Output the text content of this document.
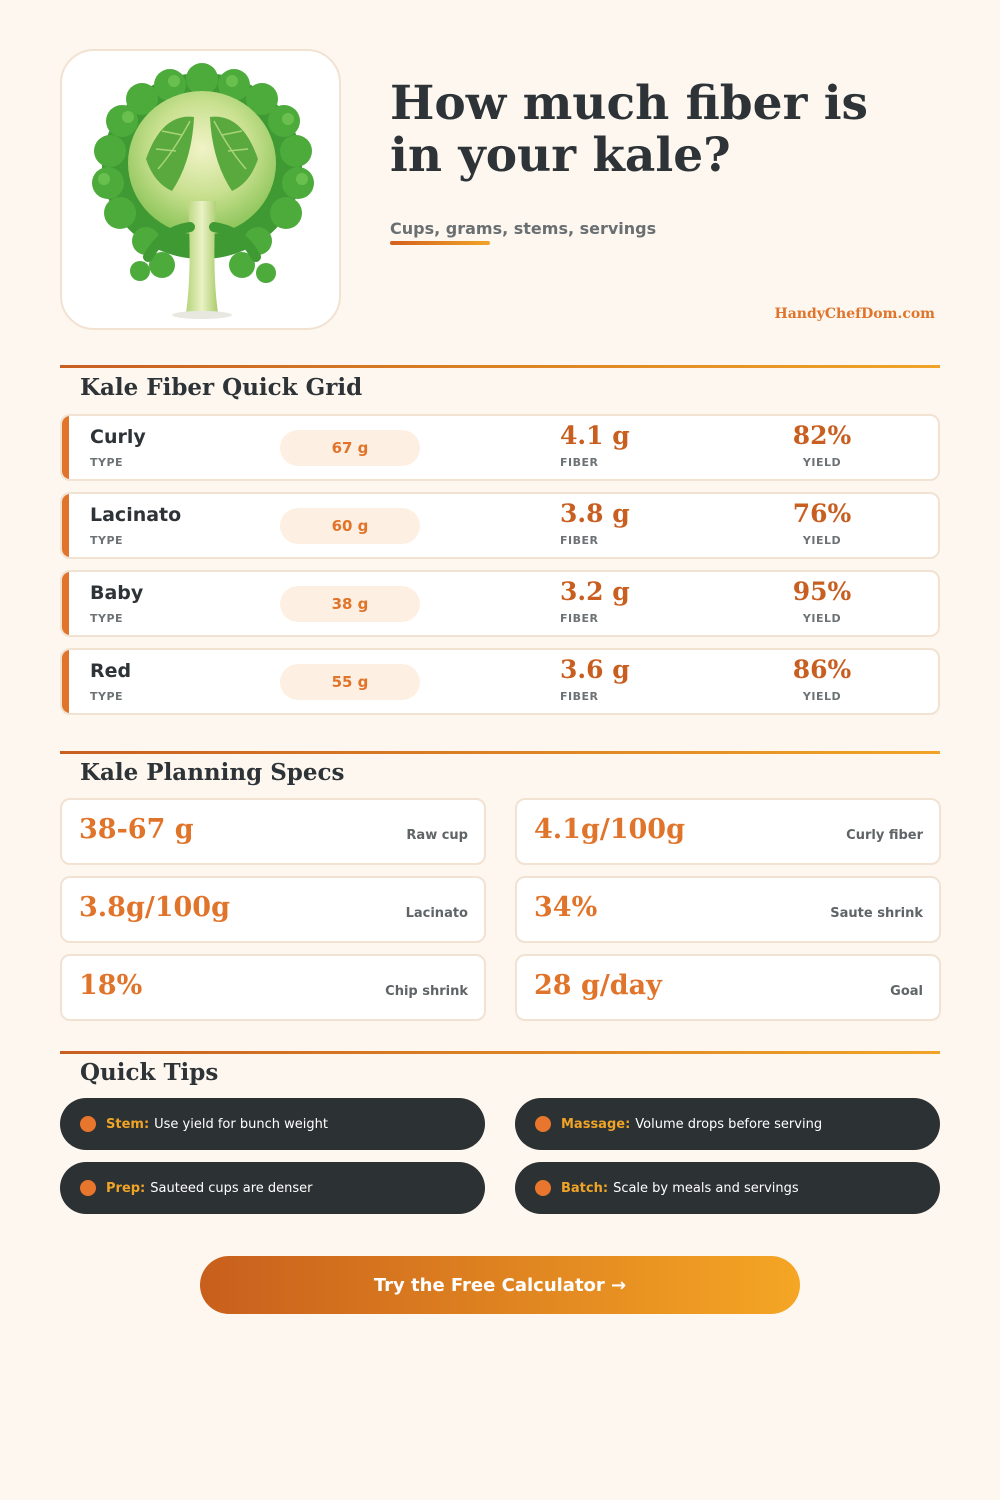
How much fiber is
in your kale?
Cups, grams, stems, servings
HandyChefDom.com
Kale Fiber Quick Grid
Curly
TYPE
67 g	4.1 g
FIBER
82%
YIELD
Lacinato
TYPE
60 g	3.8 g
FIBER
76%
YIELD
Baby
TYPE
38 g	3.2 g
FIBER
95%
YIELD
Red
TYPE
55 g	3.6 g
FIBER
86%
YIELD
Kale Planning Specs
38-67 g	Raw cup 4.1g/100g	Curly fiber
3.8g/100g	Lacinato 34%	Saute shrink
18%	Chip shrink 28 g/day	Goal
Quick Tips
Stem: Use yield for bunch weight	Massage: Volume drops before serving
Prep: Sauteed cups are denser	Batch: Scale by meals and servings
Try the Free Calculator →
